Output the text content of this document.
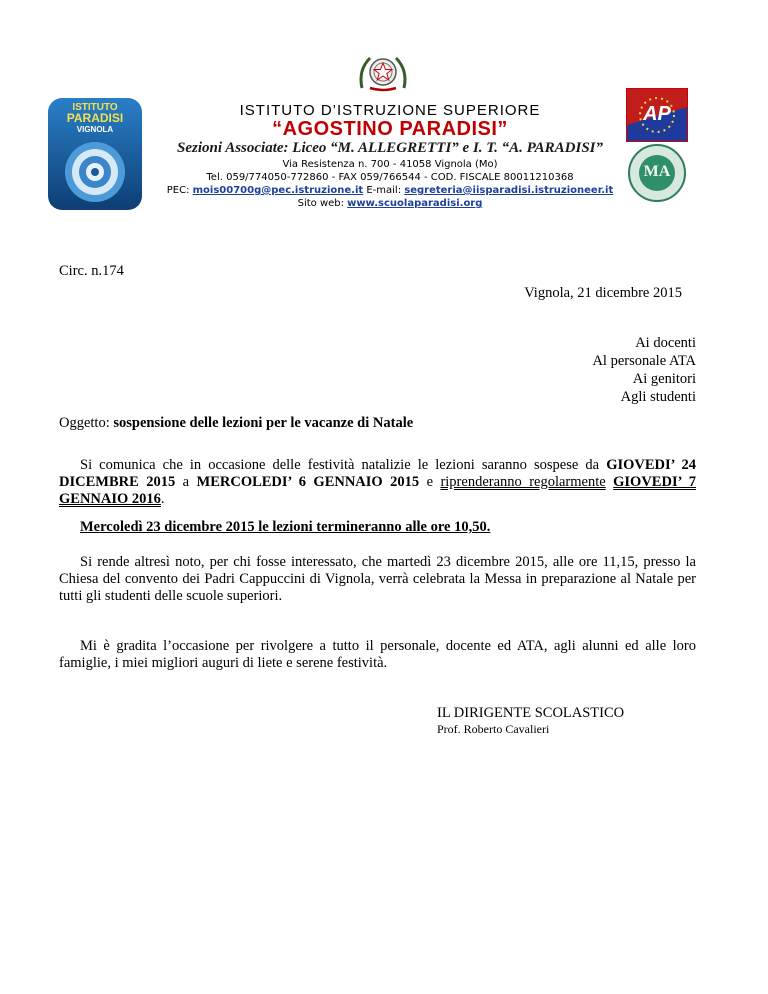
ISTITUTO
PARADISI
VIGNOLA
AP
MA
ISTITUTO D’ISTRUZIONE SUPERIORE
“AGOSTINO PARADISI”
Sezioni Associate: Liceo “M. ALLEGRETTI” e I. T. “A. PARADISI”
Via Resistenza n. 700 - 41058 Vignola (Mo)
Tel. 059/774050-772860 - FAX 059/766544 - COD. FISCALE 80011210368
PEC: mois00700g@pec.istruzione.it E-mail: segreteria@iisparadisi.istruzioneer.it
Sito web: www.scuolaparadisi.org
Circ. n.174
Vignola, 21 dicembre 2015
Ai docenti
Al personale ATA
Ai genitori
Agli studenti
Oggetto: sospensione delle lezioni per le vacanze di Natale
Si comunica che in occasione delle festività natalizie le lezioni saranno sospese da GIOVEDI’ 24 DICEMBRE 2015 a MERCOLEDI’ 6 GENNAIO 2015 e riprenderanno regolarmente GIOVEDI’ 7 GENNAIO 2016.
Mercoledì 23 dicembre 2015 le lezioni termineranno alle ore 10,50.
Si rende altresì noto, per chi fosse interessato, che martedì 23 dicembre 2015, alle ore 11,15, presso la Chiesa del convento dei Padri Cappuccini di Vignola, verrà celebrata la Messa in preparazione al Natale per tutti gli studenti delle scuole superiori.
Mi è gradita l’occasione per rivolgere a tutto il personale, docente ed ATA, agli alunni ed alle loro famiglie, i miei migliori auguri di liete e serene festività.
IL DIRIGENTE SCOLASTICO
Prof. Roberto Cavalieri
